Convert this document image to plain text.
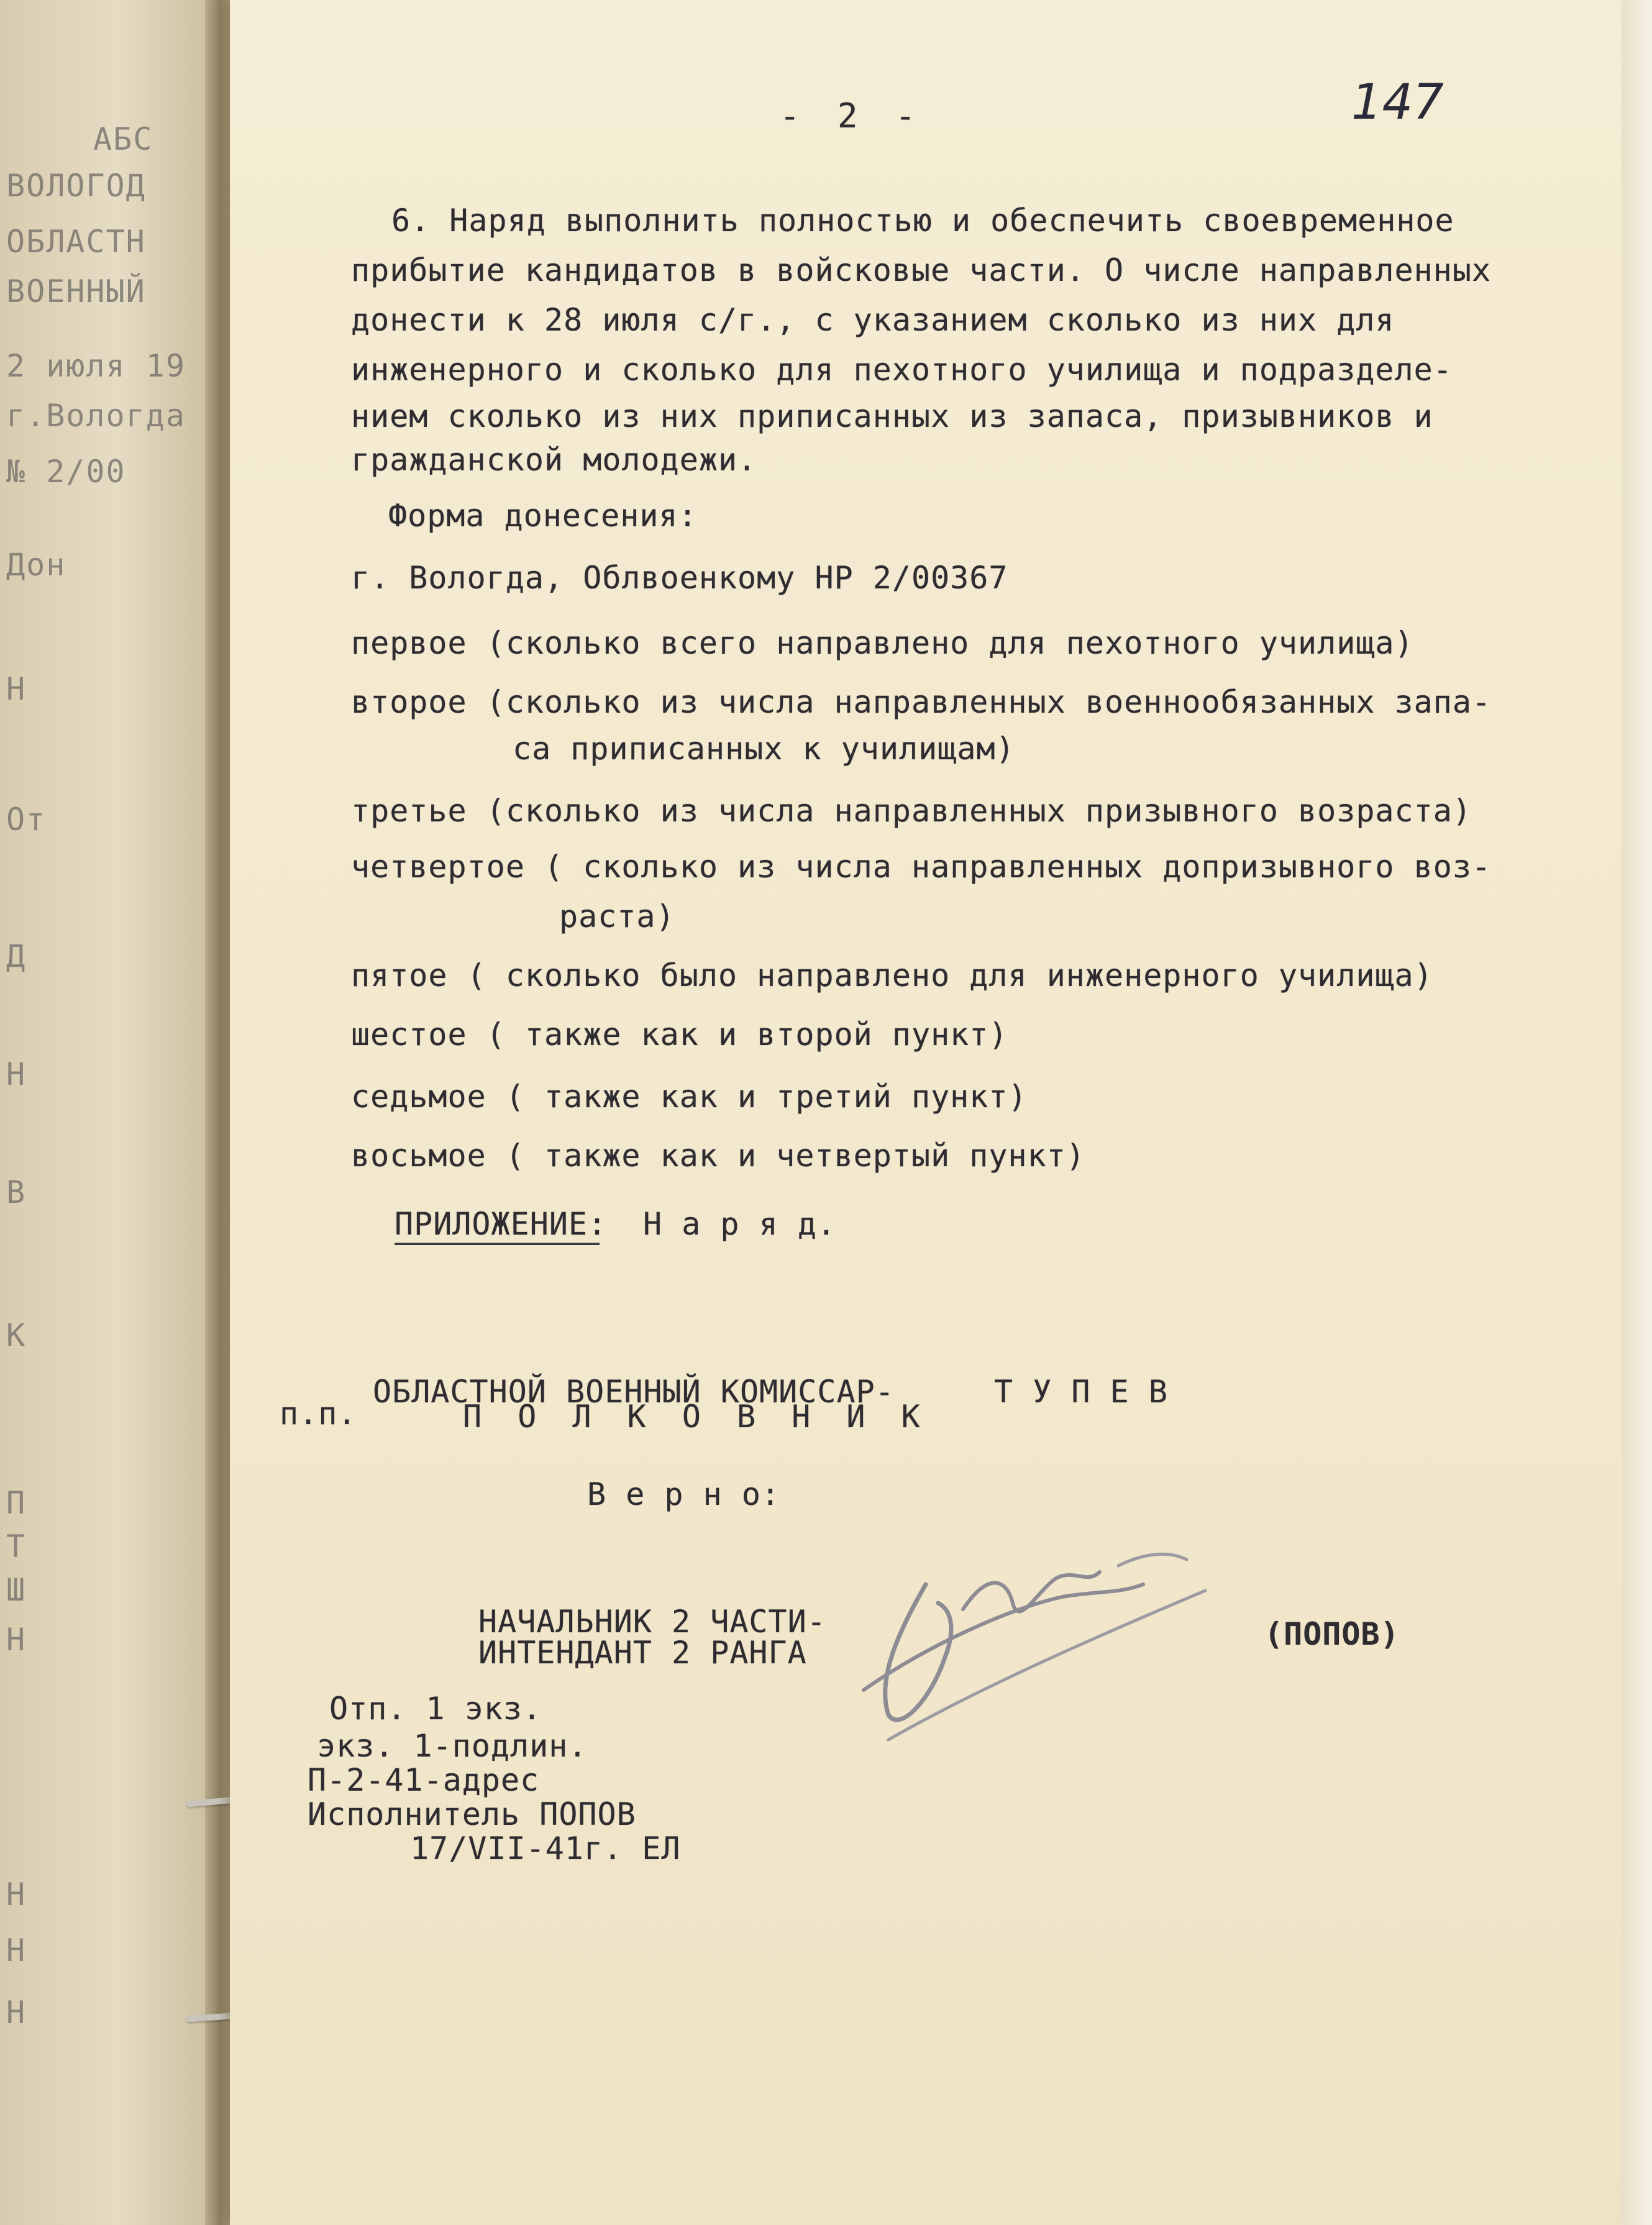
АБС
ВОЛОГОД
ОБЛАСТН
ВОЕННЫЙ
2 июля 19
г.Вологда
№ 2/00
Дон
Н
От
Д
Н
В
К
П
Т
Ш
Н
Н
Н
Н
- 2 -	147
6. Наряд выполнить полностью и обеспечить своевременное
прибытие кандидатов в войсковые части. О числе направленных
донести к 28 июля с/г., с указанием сколько из них для
инженерного и сколько для пехотного училища и подразделе-
нием сколько из них приписанных из запаса, призывников и
гражданской молодежи.
Форма донесения:
г. Вологда, Облвоенкому НР 2/00367
первое (сколько всего направлено для пехотного училища)
второе (сколько из числа направленных военнообязанных запа-
са приписанных к училищам)
третье (сколько из числа направленных призывного возраста)
четвертое ( сколько из числа направленных допризывного воз-
раста)
пятое ( сколько было направлено для инженерного училища)
шестое ( также как и второй пункт)
седьмое ( также как и третий пункт)
восьмое ( также как и четвертый пункт)
ПРИЛОЖЕНИЕ: Н а р я д.
п.п.
ОБЛАСТНОЙ ВОЕННЫЙ КОМИССАР-	Т У П Е В
П О Л К О В Н И К
В е р н о:
НАЧАЛЬНИК 2 ЧАСТИ-
ИНТЕНДАНТ 2 РАНГА
(ПОПОВ)
Отп. 1 экз.
экз. 1-подлин.
П-2-41-адрес
Исполнитель ПОПОВ
17/VII-41г. ЕЛ
